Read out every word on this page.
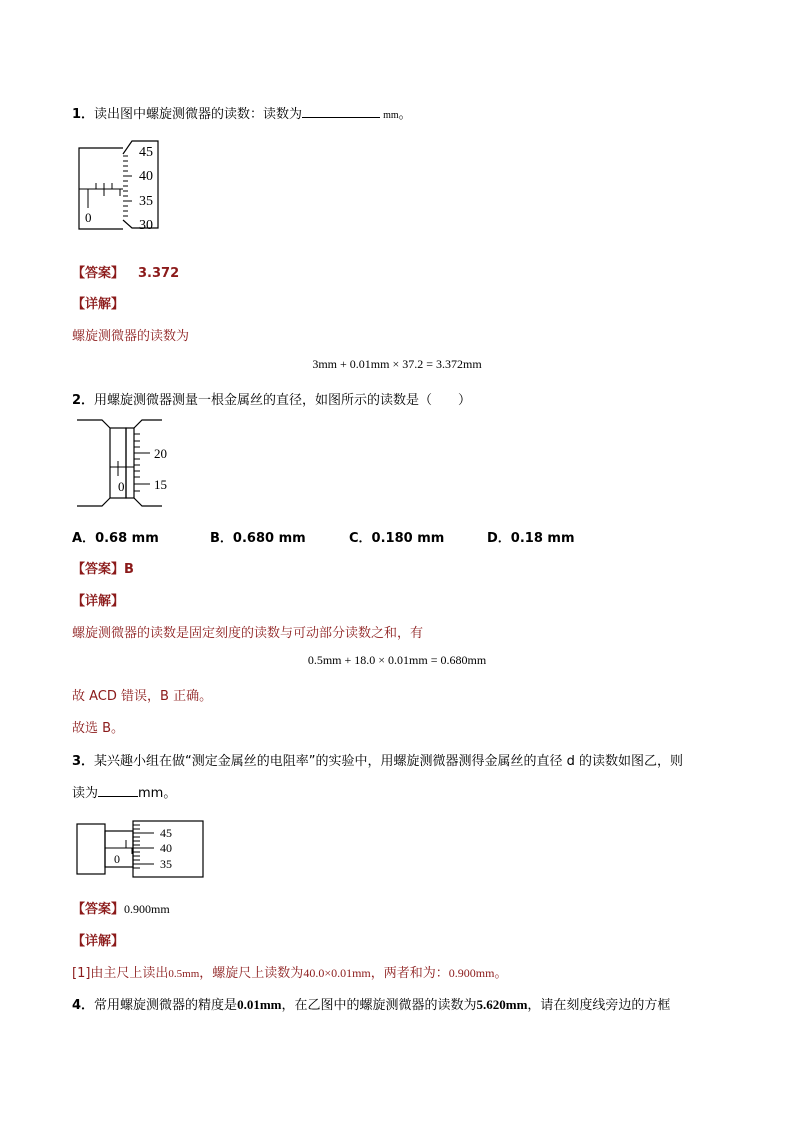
1．读出图中螺旋测微器的读数：读数为	mm。
0
45
40
35
30
【答案】 3.372
【详解】
螺旋测微器的读数为
3mm + 0.01mm × 37.2 = 3.372mm
2．用螺旋测微器测量一根金属丝的直径，如图所示的读数是（　　）
0
20
15
A．0.68 mm	B．0.680 mm	C．0.180 mm	D．0.18 mm
【答案】B
【详解】
螺旋测微器的读数是固定刻度的读数与可动部分读数之和，有
0.5mm + 18.0 × 0.01mm = 0.680mm
故 ACD 错误，B 正确。
故选 B。
3．某兴趣小组在做“测定金属丝的电阻率”的实验中，用螺旋测微器测得金属丝的直径 d 的读数如图乙，则
读为	mm。
0
45
40
35
【答案】0.900mm
【详解】
[1]由主尺上读出0.5mm，螺旋尺上读数为40.0×0.01mm，两者和为：0.900mm。
4．常用螺旋测微器的精度是0.01mm，在乙图中的螺旋测微器的读数为5.620mm，请在刻度线旁边的方框
